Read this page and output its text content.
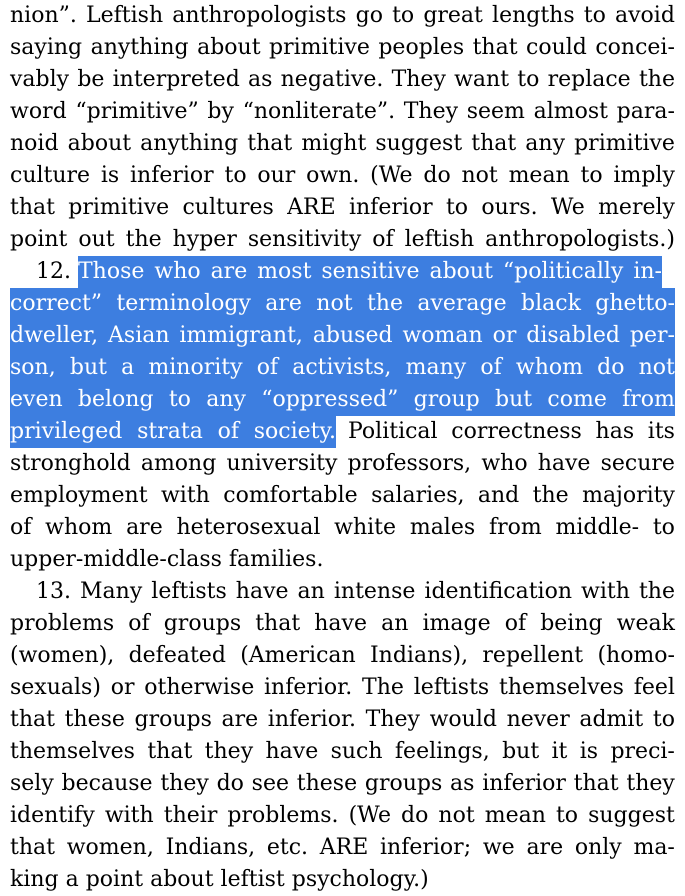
nion”. Leftish anthropologists go to great lengths to avoid
saying anything about primitive peoples that could concei-
vably be interpreted as negative. They want to replace the
word “primitive” by “nonliterate”. They seem almost para-
noid about anything that might suggest that any primitive
culture is inferior to our own. (We do not mean to imply
that primitive cultures ARE inferior to ours. We merely
point out the hyper sensitivity of leftish anthropologists.)
12. Those who are most sensitive about “politically in-
correct” terminology are not the average black ghetto-
dweller, Asian immigrant, abused woman or disabled per-
son, but a minority of activists, many of whom do not
even belong to any “oppressed” group but come from
privileged strata of society. Political correctness has its
stronghold among university professors, who have secure
employment with comfortable salaries, and the majority
of whom are heterosexual white males from middle- to
upper-middle-class families.
13. Many leftists have an intense identification with the
problems of groups that have an image of being weak
(women), defeated (American Indians), repellent (homo-
sexuals) or otherwise inferior. The leftists themselves feel
that these groups are inferior. They would never admit to
themselves that they have such feelings, but it is preci-
sely because they do see these groups as inferior that they
identify with their problems. (We do not mean to suggest
that women, Indians, etc. ARE inferior; we are only ma-
king a point about leftist psychology.)
